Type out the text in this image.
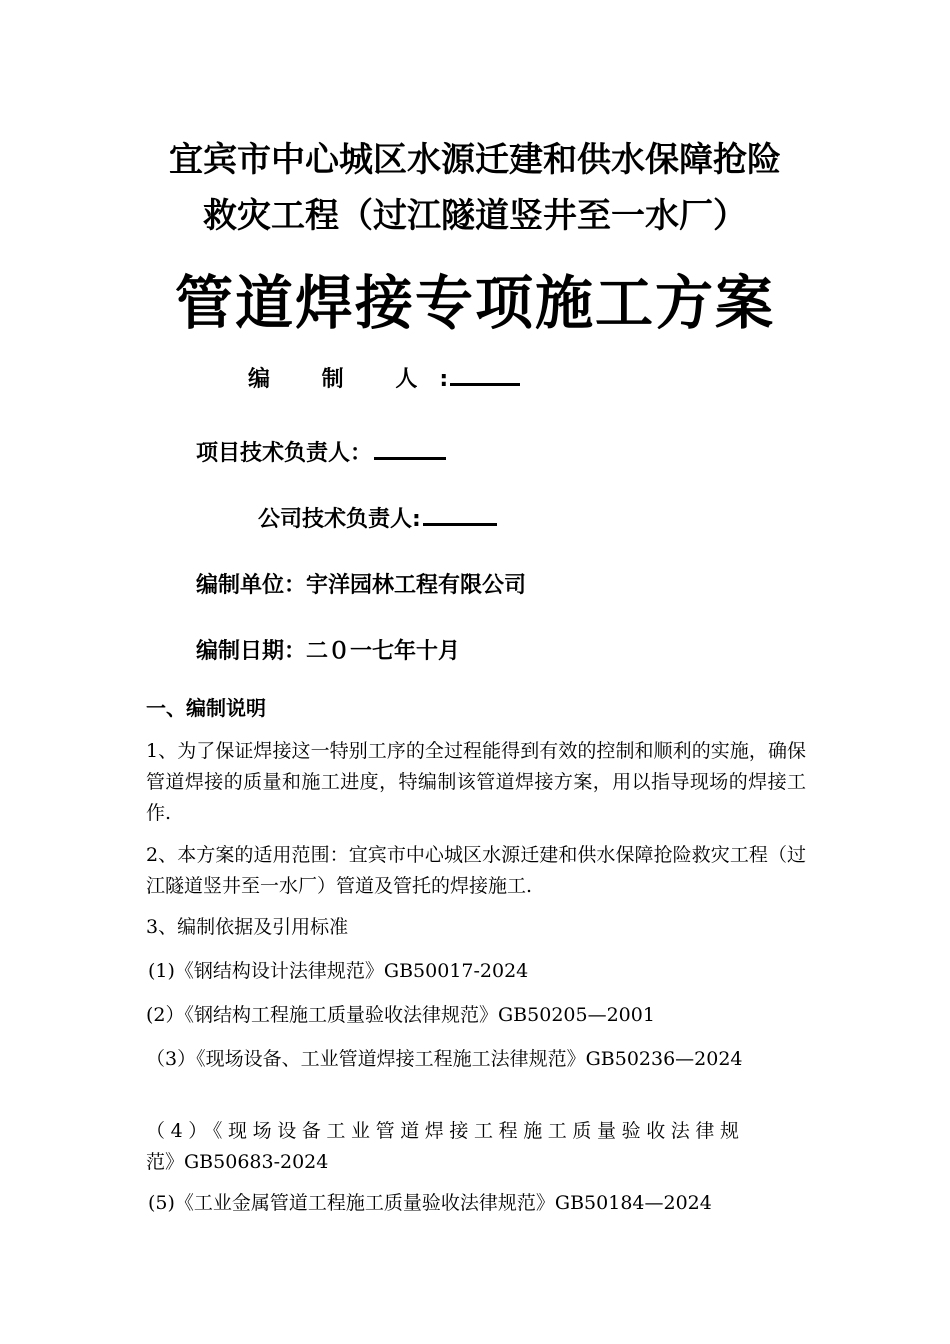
宜宾市中心城区水源迁建和供水保障抢险
救灾工程（过江隧道竖井至一水厂）
管道焊接专项施工方案
编 制 人:
项目技术负责人：
公司技术负责人:
编制单位：宇洋园林工程有限公司
编制日期：二０一七年十月
一、编制说明

1、为了保证焊接这一特别工序的全过程能得到有效的控制和顺利的实施，确保管道焊接的质量和施工进度，特编制该管道焊接方案，用以指导现场的焊接工作.

2、本方案的适用范围：宜宾市中心城区水源迁建和供水保障抢险救灾工程（过江隧道竖井至一水厂）管道及管托的焊接施工.

3、编制依据及引用标准

(1)《钢结构设计法律规范》GB50017-2024

(2）《钢结构工程施工质量验收法律规范》GB50205—2001

（3）《现场设备、工业管道焊接工程施工法律规范》GB50236—2024

（4）《现场设备工业管道焊接工程施工质量验收法律规
范》GB50683-2024

(5)《工业金属管道工程施工质量验收法律规范》GB50184—2024
